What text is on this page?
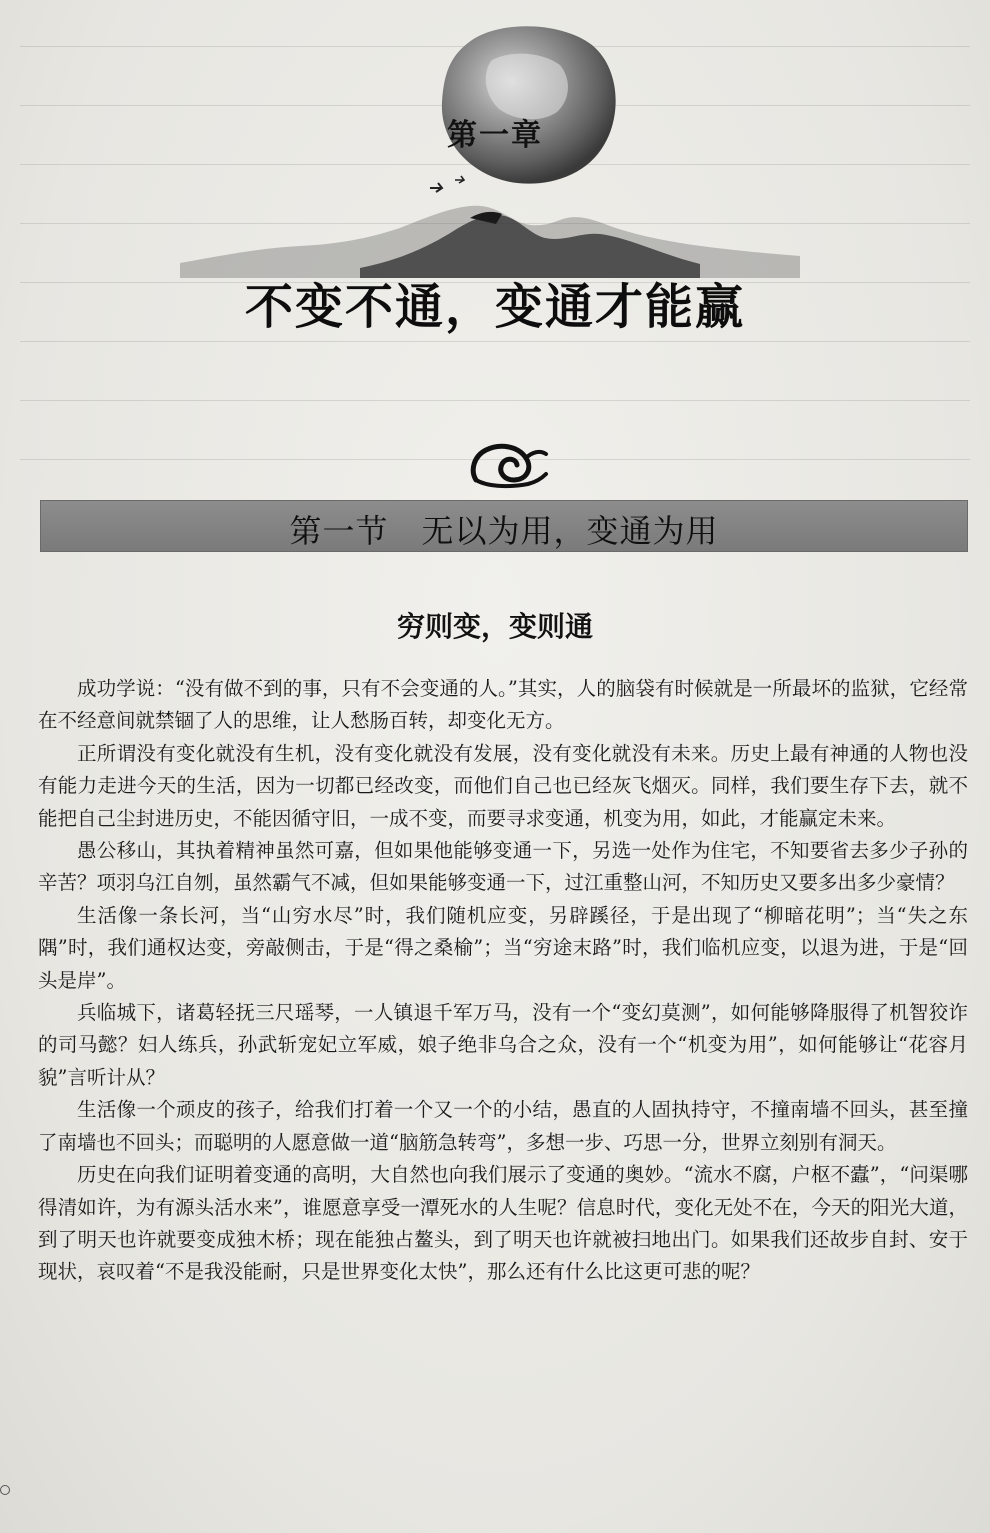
第一章
不变不通，变通才能赢
第一节　无以为用，变通为用
穷则变，变则通

成功学说：“没有做不到的事，只有不会变通的人。”其实，人的脑袋有时候就是一所最坏的监狱，它经常在不经意间就禁锢了人的思维，让人愁肠百转，却变化无方。

正所谓没有变化就没有生机，没有变化就没有发展，没有变化就没有未来。历史上最有神通的人物也没有能力走进今天的生活，因为一切都已经改变，而他们自己也已经灰飞烟灭。同样，我们要生存下去，就不能把自己尘封进历史，不能因循守旧，一成不变，而要寻求变通，机变为用，如此，才能赢定未来。

愚公移山，其执着精神虽然可嘉，但如果他能够变通一下，另选一处作为住宅，不知要省去多少子孙的辛苦？项羽乌江自刎，虽然霸气不减，但如果能够变通一下，过江重整山河，不知历史又要多出多少豪情？

生活像一条长河，当“山穷水尽”时，我们随机应变，另辟蹊径，于是出现了“柳暗花明”；当“失之东隅”时，我们通权达变，旁敲侧击，于是“得之桑榆”；当“穷途末路”时，我们临机应变，以退为进，于是“回头是岸”。

兵临城下，诸葛轻抚三尺瑶琴，一人镇退千军万马，没有一个“变幻莫测”，如何能够降服得了机智狡诈的司马懿？妇人练兵，孙武斩宠妃立军威，娘子绝非乌合之众，没有一个“机变为用”，如何能够让“花容月貌”言听计从？

生活像一个顽皮的孩子，给我们打着一个又一个的小结，愚直的人固执持守，不撞南墙不回头，甚至撞了南墙也不回头；而聪明的人愿意做一道“脑筋急转弯”，多想一步、巧思一分，世界立刻别有洞天。

历史在向我们证明着变通的高明，大自然也向我们展示了变通的奥妙。“流水不腐，户枢不蠹”，“问渠哪得清如许，为有源头活水来”，谁愿意享受一潭死水的人生呢？信息时代，变化无处不在，今天的阳光大道，到了明天也许就要变成独木桥；现在能独占鳌头，到了明天也许就被扫地出门。如果我们还故步自封、安于现状，哀叹着“不是我没能耐，只是世界变化太快”，那么还有什么比这更可悲的呢？
